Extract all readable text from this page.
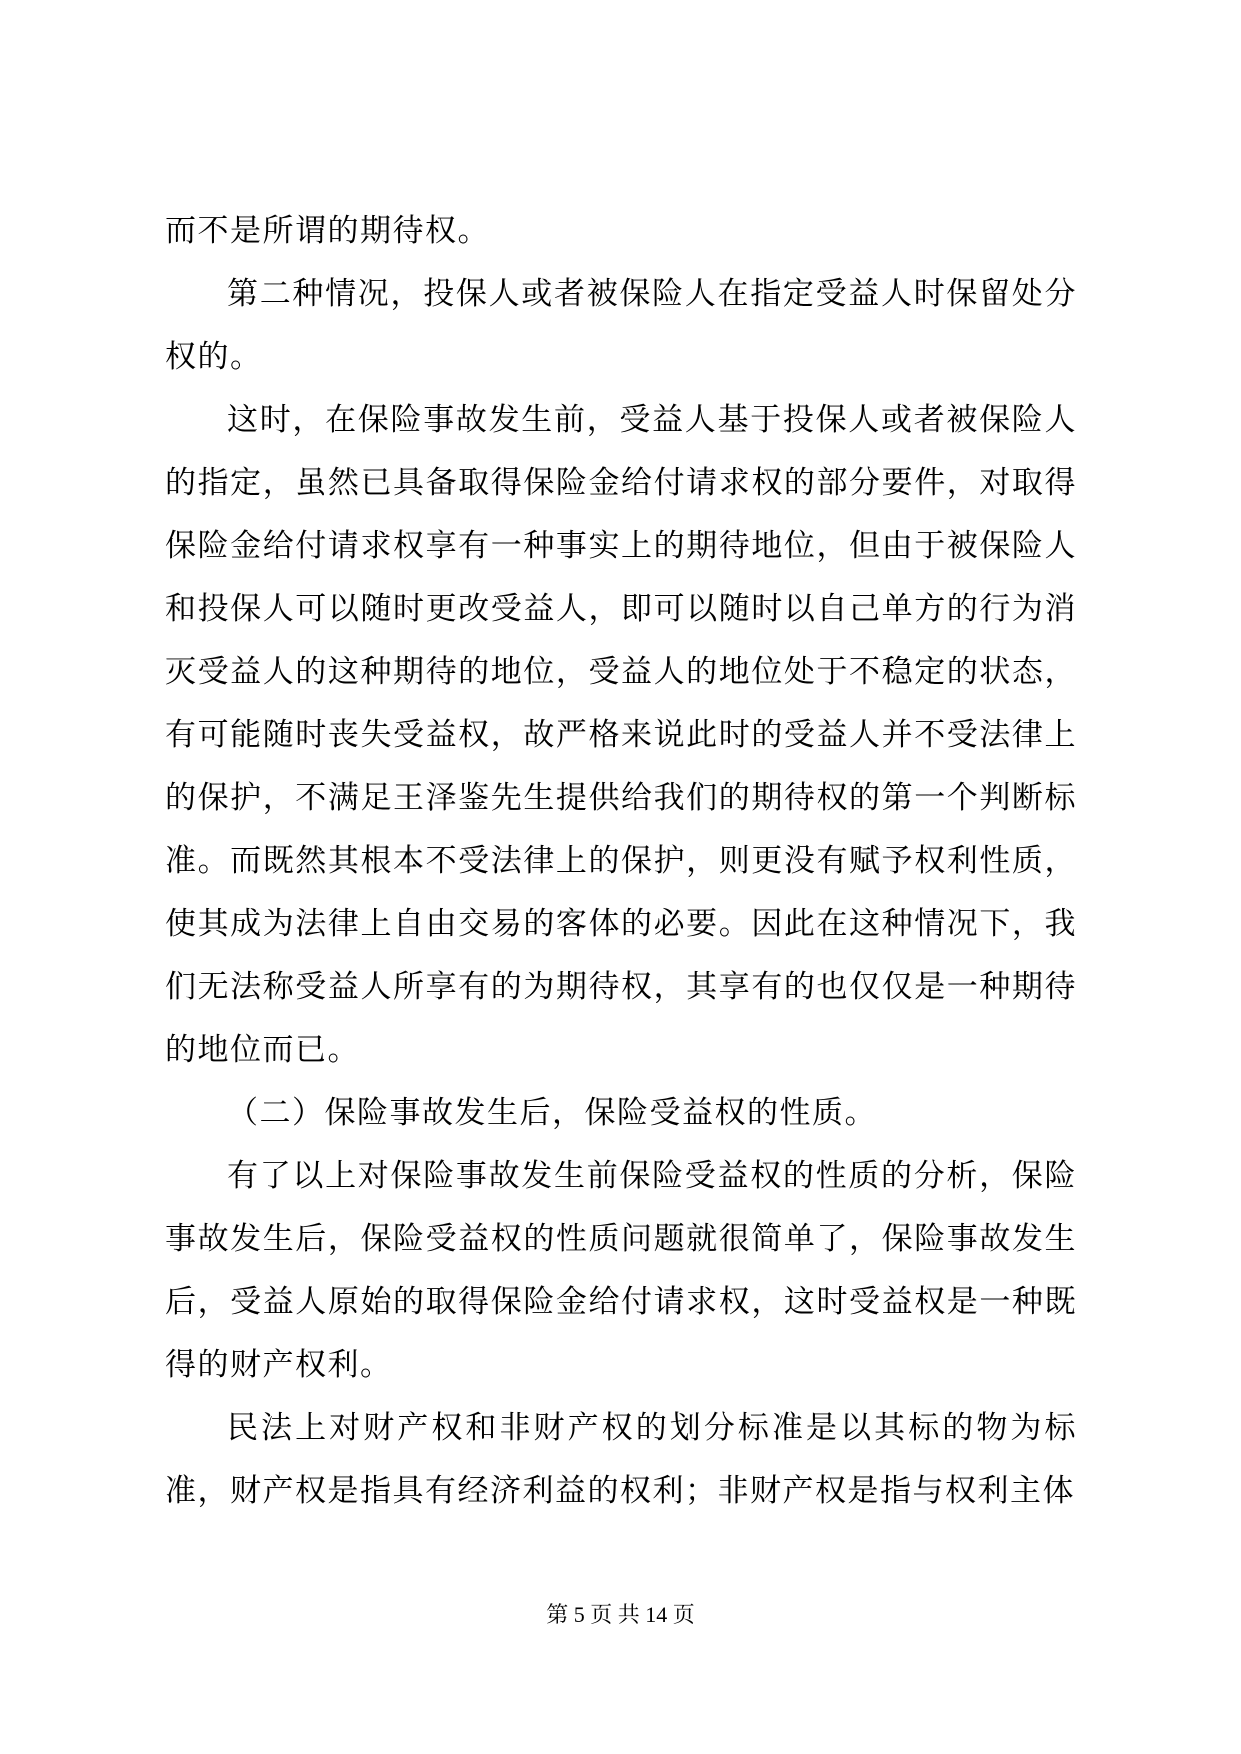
而不是所谓的期待权。

第二种情况，投保人或者被保险人在指定受益人时保留处分权的。

这时，在保险事故发生前，受益人基于投保人或者被保险人的指定，虽然已具备取得保险金给付请求权的部分要件，对取得保险金给付请求权享有一种事实上的期待地位，但由于被保险人和投保人可以随时更改受益人，即可以随时以自己单方的行为消灭受益人的这种期待的地位，受益人的地位处于不稳定的状态，有可能随时丧失受益权，故严格来说此时的受益人并不受法律上的保护，不满足王泽鉴先生提供给我们的期待权的第一个判断标准。而既然其根本不受法律上的保护，则更没有赋予权利性质，使其成为法律上自由交易的客体的必要。因此在这种情况下，我们无法称受益人所享有的为期待权，其享有的也仅仅是一种期待的地位而已。

（二）保险事故发生后，保险受益权的性质。

有了以上对保险事故发生前保险受益权的性质的分析，保险事故发生后，保险受益权的性质问题就很简单了，保险事故发生后，受益人原始的取得保险金给付请求权，这时受益权是一种既得的财产权利。

民法上对财产权和非财产权的划分标准是以其标的物为标准，财产权是指具有经济利益的权利；非财产权是指与权利主体

第 5 页 共 14 页
